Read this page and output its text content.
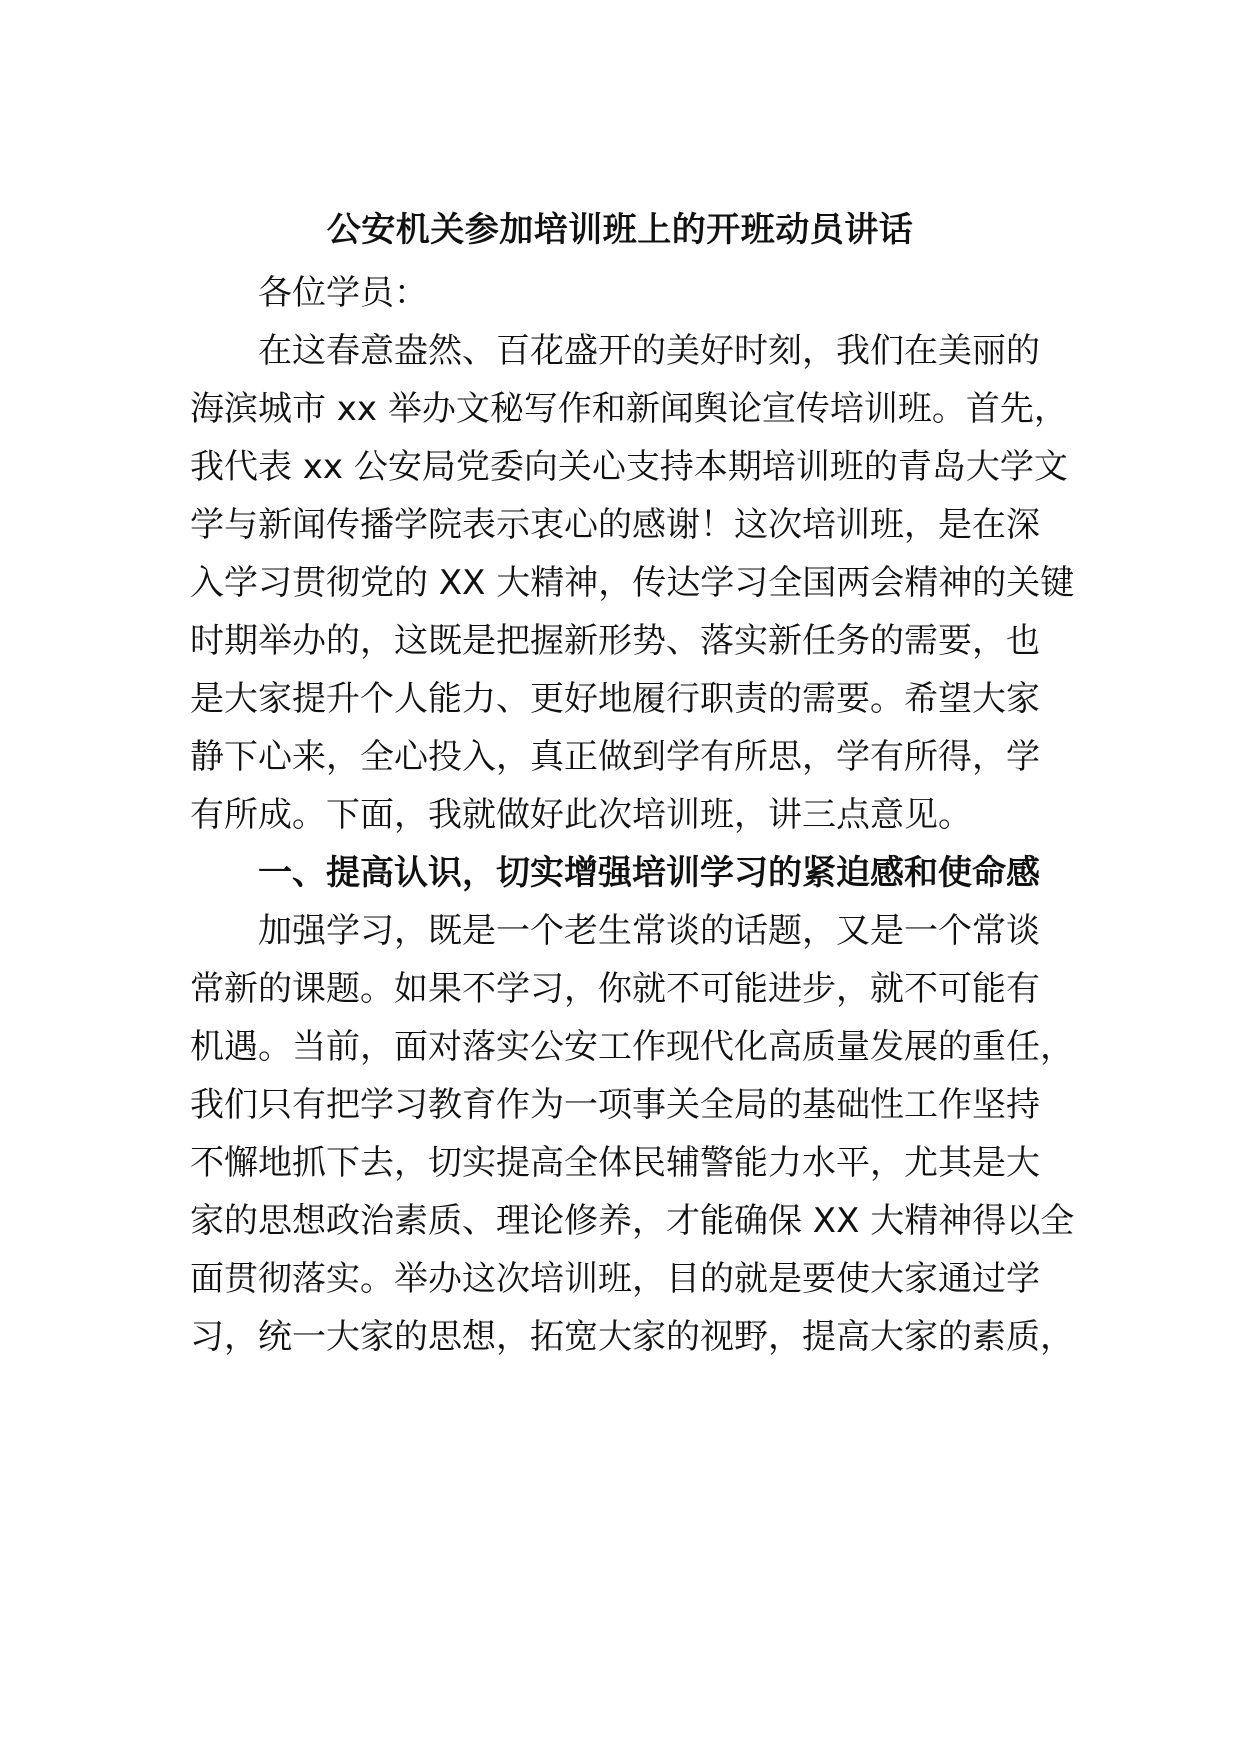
公安机关参加培训班上的开班动员讲话
各位学员：
在这春意盎然、百花盛开的美好时刻，我们在美丽的
海滨城市 xx 举办文秘写作和新闻舆论宣传培训班。首先，
我代表 xx 公安局党委向关心支持本期培训班的青岛大学文
学与新闻传播学院表示衷心的感谢！这次培训班，是在深
入学习贯彻党的 XX 大精神，传达学习全国两会精神的关键
时期举办的，这既是把握新形势、落实新任务的需要，也
是大家提升个人能力、更好地履行职责的需要。希望大家
静下心来，全心投入，真正做到学有所思，学有所得，学
有所成。下面，我就做好此次培训班，讲三点意见。
一、提高认识，切实增强培训学习的紧迫感和使命感
加强学习，既是一个老生常谈的话题，又是一个常谈
常新的课题。如果不学习，你就不可能进步，就不可能有
机遇。当前，面对落实公安工作现代化高质量发展的重任，
我们只有把学习教育作为一项事关全局的基础性工作坚持
不懈地抓下去，切实提高全体民辅警能力水平，尤其是大
家的思想政治素质、理论修养，才能确保 XX 大精神得以全
面贯彻落实。举办这次培训班，目的就是要使大家通过学
习，统一大家的思想，拓宽大家的视野，提高大家的素质，
